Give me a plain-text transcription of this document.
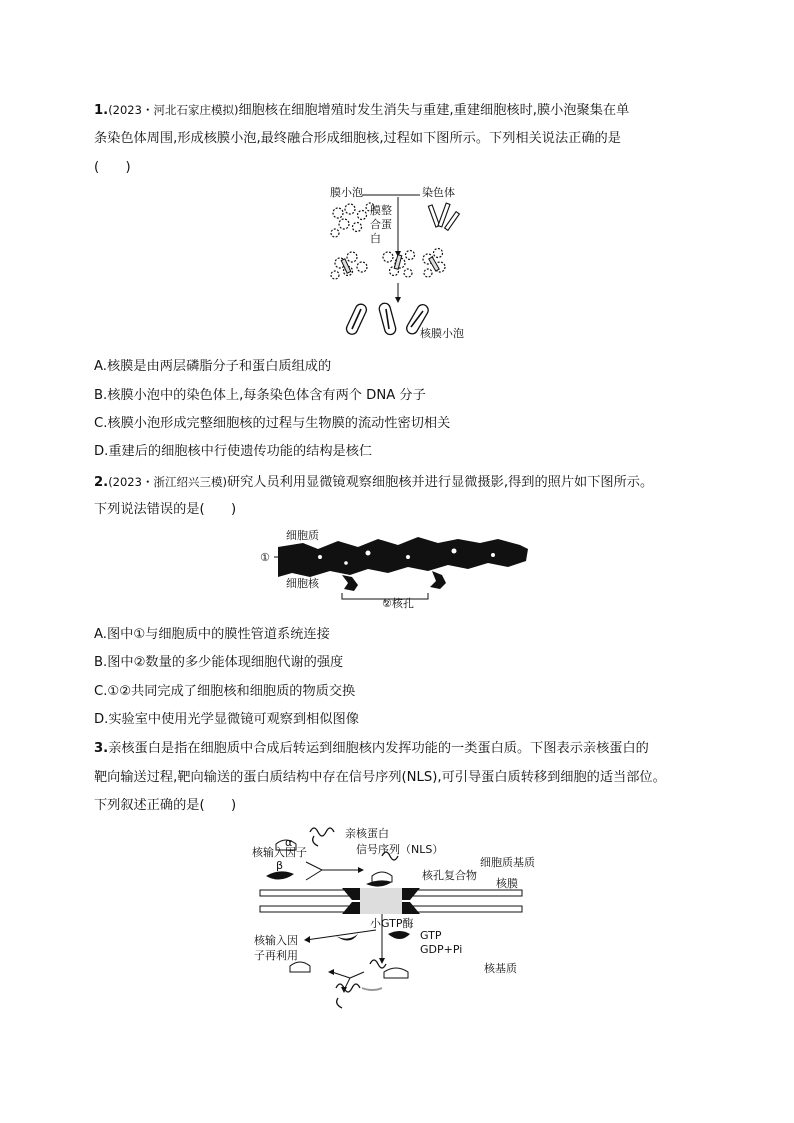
1.(2023・河北石家庄模拟)细胞核在细胞增殖时发生消失与重建,重建细胞核时,膜小泡聚集在单
条染色体周围,形成核膜小泡,最终融合形成细胞核,过程如下图所示。下列相关说法正确的是
(　　)
膜小泡	染色体
膜整
合蛋
白
核膜小泡
A.核膜是由两层磷脂分子和蛋白质组成的
B.核膜小泡中的染色体上,每条染色体含有两个 DNA 分子
C.核膜小泡形成完整细胞核的过程与生物膜的流动性密切相关
D.重建后的细胞核中行使遗传功能的结构是核仁
2.(2023・浙江绍兴三模)研究人员利用显微镜观察细胞核并进行显微摄影,得到的照片如下图所示。
下列说法错误的是(　　)
细胞质
①
细胞核
②核孔
A.图中①与细胞质中的膜性管道系统连接
B.图中②数量的多少能体现细胞代谢的强度
C.①②共同完成了细胞核和细胞质的物质交换
D.实验室中使用光学显微镜可观察到相似图像
3.亲核蛋白是指在细胞质中合成后转运到细胞核内发挥功能的一类蛋白质。下图表示亲核蛋白的
靶向输送过程,靶向输送的蛋白质结构中存在信号序列(NLS),可引导蛋白质转移到细胞的适当部位。
下列叙述正确的是(　　)
亲核蛋白
核输入因子	信号序列（NLS）
细胞质基质
核孔复合物
核膜
小GTP酶
GTP
GDP+Pi
核输入因
子再利用
核基质
α
β
